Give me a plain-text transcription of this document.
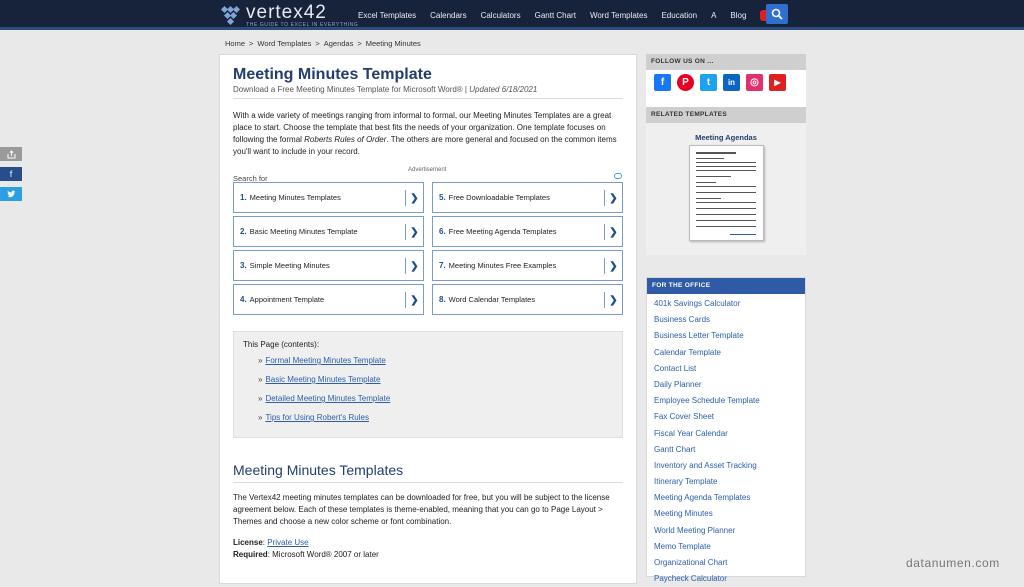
vertex42
THE GUIDE TO EXCEL IN EVERYTHING
Excel Templates Calendars Calculators Gantt Chart Word Templates Education A Blog
Home > Word Templates > Agendas > Meeting Minutes
f
Meeting Minutes Template
Download a Free Meeting Minutes Template for Microsoft Word® | Updated 6/18/2021
With a wide variety of meetings ranging from informal to formal, our Meeting Minutes Templates are a great place to start. Choose the template that best fits the needs of your organization. One template focuses on following the formal Roberts Rules of Order. The others are more general and focused on the common items you'll want to include in your record.
Advertisement
Search for
1. Meeting Minutes Templates	❯	5. Free Downloadable Templates	❯
2. Basic Meeting Minutes Template	❯	6. Free Meeting Agenda Templates	❯
3. Simple Meeting Minutes	❯	7. Meeting Minutes Free Examples	❯
4. Appointment Template	❯	8. Word Calendar Templates	❯
This Page (contents):
» Formal Meeting Minutes Template
» Basic Meeting Minutes Template
» Detailed Meeting Minutes Template
» Tips for Using Robert's Rules
Meeting Minutes Templates
The Vertex42 meeting minutes templates can be downloaded for free, but you will be subject to the license agreement below. Each of these templates is theme-enabled, meaning that you can go to Page Layout > Themes and choose a new color scheme or font combination.
License: Private Use
Required: Microsoft Word® 2007 or later
FOLLOW US ON ...
f	P	t	in	◎	▶
RELATED TEMPLATES
Meeting Agendas
FOR THE OFFICE
401k Savings Calculator
Business Cards
Business Letter Template
Calendar Template
Contact List
Daily Planner
Employee Schedule Template
Fax Cover Sheet
Fiscal Year Calendar
Gantt Chart
Inventory and Asset Tracking
Itinerary Template
Meeting Agenda Templates
Meeting Minutes
World Meeting Planner
Memo Template
Organizational Chart
Paycheck Calculator
datanumen.com
